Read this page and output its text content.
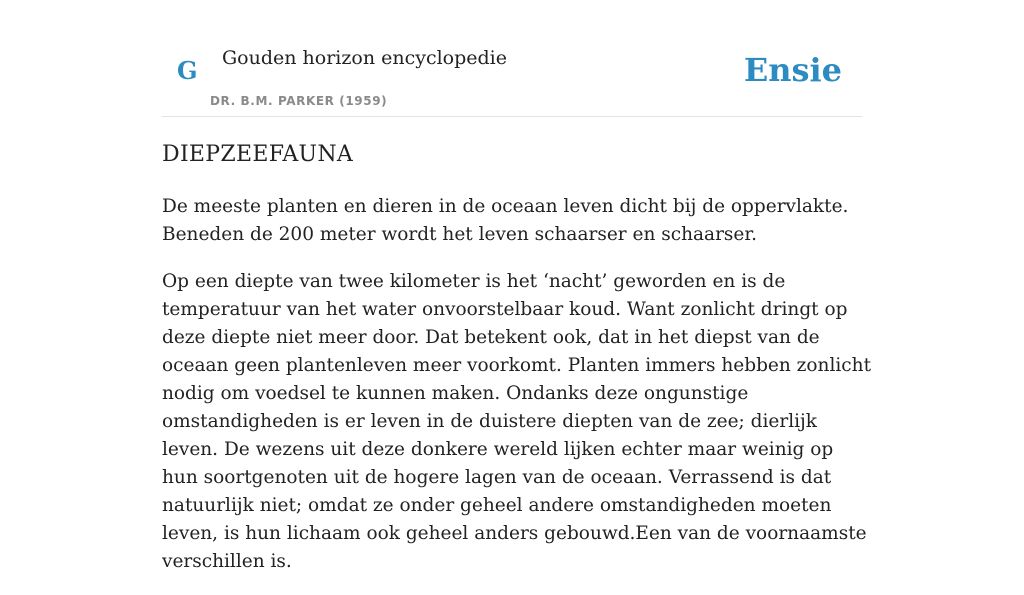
G Gouden horizon encyclopedie
DR. B.M. PARKER (1959)
Ensie
DIEPZEEFAUNA

De meeste planten en dieren in de oceaan leven dicht bij de oppervlakte. Beneden de 200 meter wordt het leven schaarser en schaarser.

Op een diepte van twee kilometer is het ‘nacht’ geworden en is de temperatuur van het water onvoorstelbaar koud. Want zonlicht dringt op deze diepte niet meer door. Dat betekent ook, dat in het diepst van de oceaan geen plantenleven meer voorkomt. Planten immers hebben zonlicht nodig om voedsel te kunnen maken. Ondanks deze ongunstige omstandigheden is er leven in de duistere diepten van de zee; dierlijk leven. De wezens uit deze donkere wereld lijken echter maar weinig op hun soortgenoten uit de hogere lagen van de oceaan. Verrassend is dat natuurlijk niet; omdat ze onder geheel andere omstandigheden moeten leven, is hun lichaam ook geheel anders gebouwd.Een van de voornaamste verschillen is.
